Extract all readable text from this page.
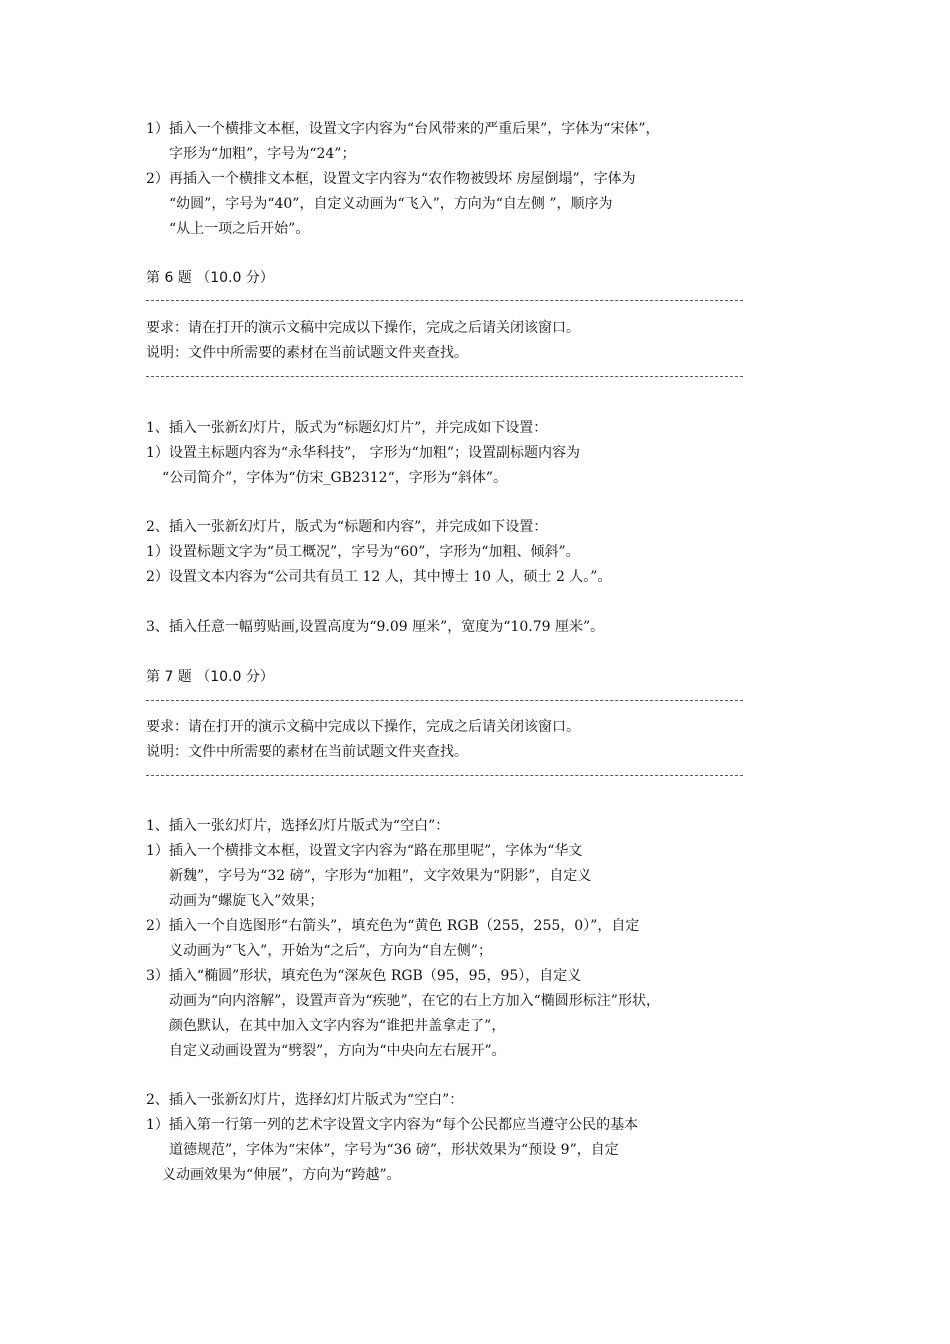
1）插入一个横排文本框，设置文字内容为“台风带来的严重后果”，字体为“宋体”，
字形为“加粗”，字号为“24”；
2）再插入一个横排文本框，设置文字内容为“农作物被毁坏 房屋倒塌”，字体为
“幼圆”，字号为“40”，自定义动画为“飞入”，方向为“自左侧 ”，顺序为
“从上一项之后开始”。
第 6 题 （10.0 分）
要求：请在打开的演示文稿中完成以下操作，完成之后请关闭该窗口。
说明：文件中所需要的素材在当前试题文件夹查找。
1、插入一张新幻灯片，版式为“标题幻灯片”，并完成如下设置：
1）设置主标题内容为“永华科技”， 字形为“加粗”；设置副标题内容为
“公司简介”，字体为“仿宋_GB2312“，字形为“斜体”。
2、插入一张新幻灯片，版式为“标题和内容”，并完成如下设置：
1）设置标题文字为“员工概况”，字号为“60”，字形为“加粗、倾斜”。
2）设置文本内容为“公司共有员工 12 人，其中博士 10 人，硕士 2 人。”。
3、插入任意一幅剪贴画,设置高度为“9.09 厘米”，宽度为“10.79 厘米”。
第 7 题 （10.0 分）
要求：请在打开的演示文稿中完成以下操作，完成之后请关闭该窗口。
说明：文件中所需要的素材在当前试题文件夹查找。
1、插入一张幻灯片，选择幻灯片版式为“空白”：
1）插入一个横排文本框，设置文字内容为“路在那里呢”，字体为“华文
新魏”，字号为“32 磅”，字形为“加粗”，文字效果为“阴影”，自定义
动画为“螺旋飞入”效果；
2）插入一个自选图形“右箭头”，填充色为“黄色 RGB（255，255，0）”，自定
义动画为“飞入”，开始为“之后”，方向为“自左侧”；
3）插入“椭圆”形状，填充色为“深灰色 RGB（95，95，95），自定义
动画为“向内溶解”，设置声音为“疾驰”，在它的右上方加入“椭圆形标注”形状，
颜色默认，在其中加入文字内容为“谁把井盖拿走了”，
自定义动画设置为“劈裂”，方向为“中央向左右展开”。
2、插入一张新幻灯片，选择幻灯片版式为“空白”：
1）插入第一行第一列的艺术字设置文字内容为“每个公民都应当遵守公民的基本
道德规范”，字体为“宋体”，字号为“36 磅”，形状效果为“预设 9”，自定
义动画效果为“伸展”，方向为“跨越”。
